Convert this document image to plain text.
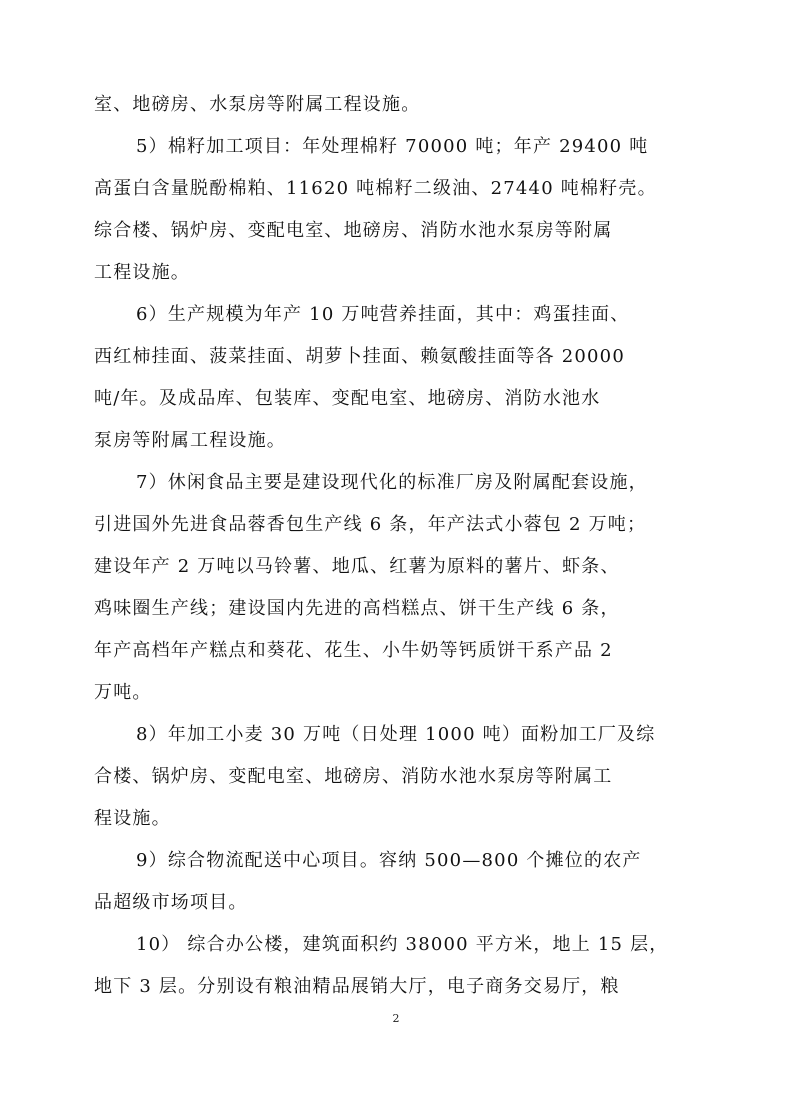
室、地磅房、水泵房等附属工程设施。
5）棉籽加工项目：年处理棉籽 70000 吨；年产 29400 吨
高蛋白含量脱酚棉粕、11620 吨棉籽二级油、27440 吨棉籽壳。
综合楼、锅炉房、变配电室、地磅房、消防水池水泵房等附属
工程设施。
6）生产规模为年产 10 万吨营养挂面，其中：鸡蛋挂面、
西红柿挂面、菠菜挂面、胡萝卜挂面、赖氨酸挂面等各 20000
吨/年。及成品库、包装库、变配电室、地磅房、消防水池水
泵房等附属工程设施。
7）休闲食品主要是建设现代化的标准厂房及附属配套设施，
引进国外先进食品蓉香包生产线 6 条，年产法式小蓉包 2 万吨；
建设年产 2 万吨以马铃薯、地瓜、红薯为原料的薯片、虾条、
鸡味圈生产线；建设国内先进的高档糕点、饼干生产线 6 条，
年产高档年产糕点和葵花、花生、小牛奶等钙质饼干系产品 2
万吨。
8）年加工小麦 30 万吨（日处理 1000 吨）面粉加工厂及综
合楼、锅炉房、变配电室、地磅房、消防水池水泵房等附属工
程设施。
9）综合物流配送中心项目。容纳 500—800 个摊位的农产
品超级市场项目。
10） 综合办公楼，建筑面积约 38000 平方米，地上 15 层，
地下 3 层。分别设有粮油精品展销大厅，电子商务交易厅，粮
2
